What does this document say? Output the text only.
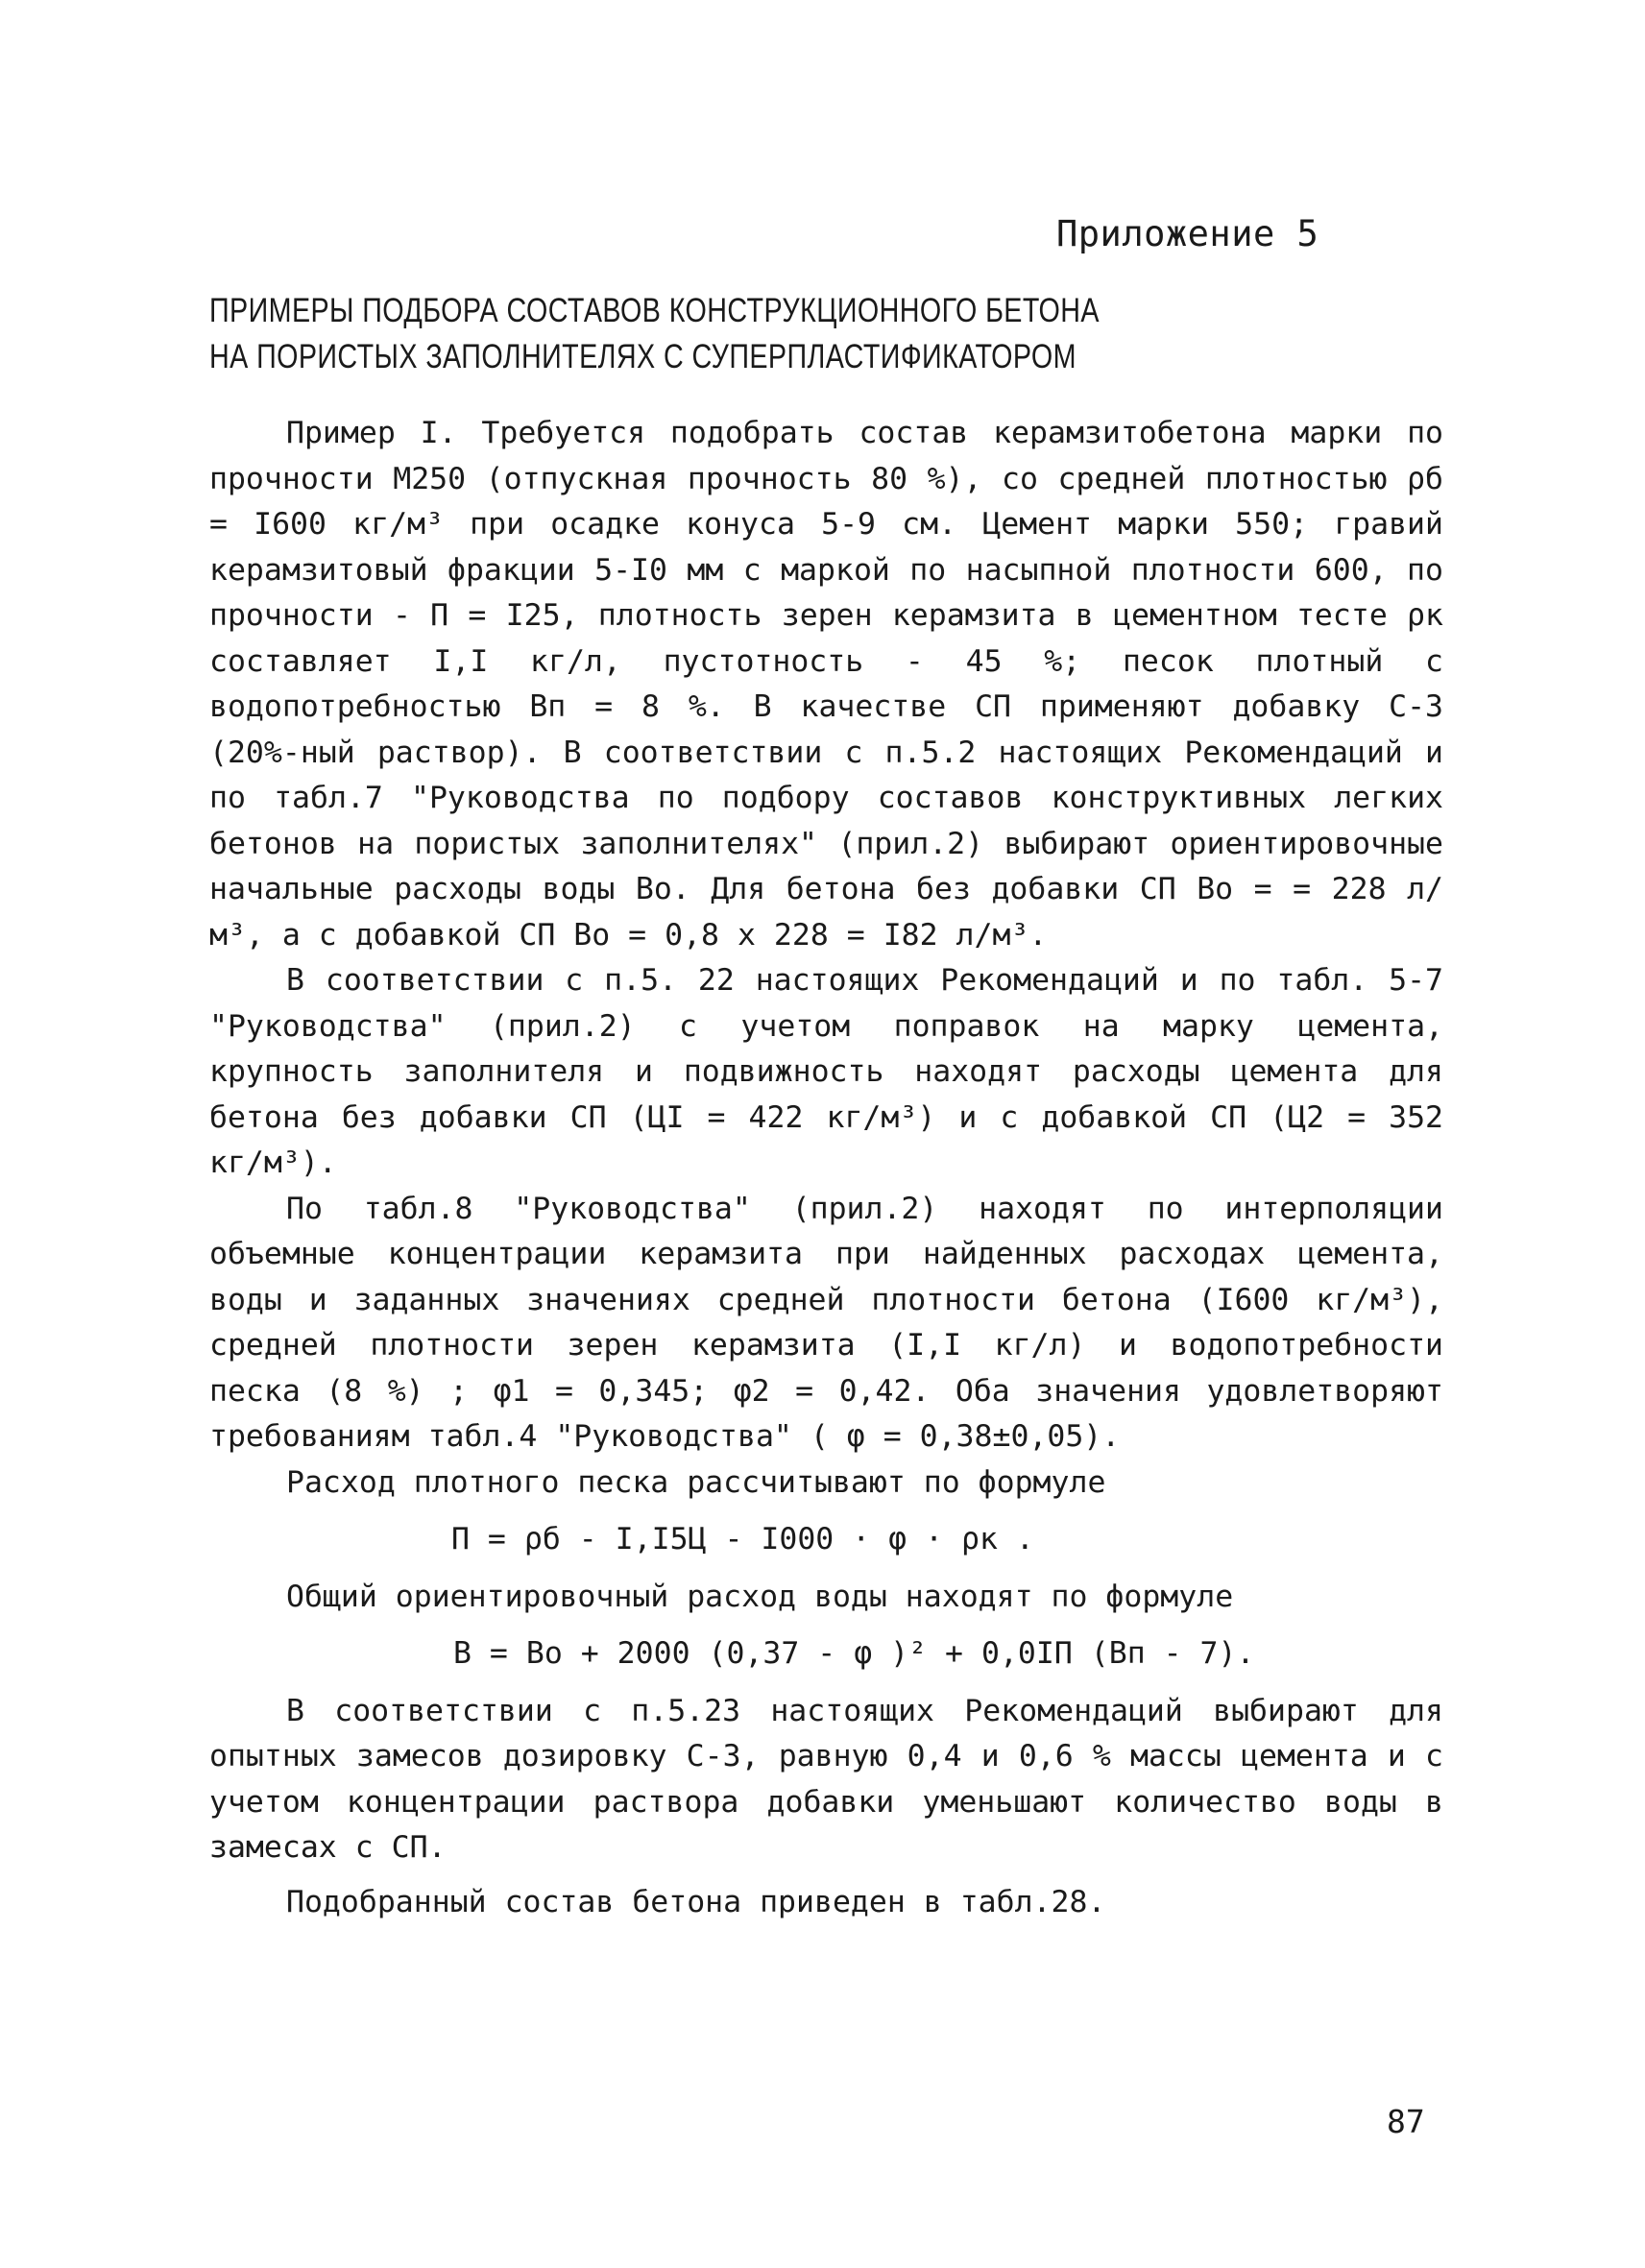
Приложение 5
ПРИМЕРЫ ПОДБОРА СОСТАВОВ КОНСТРУКЦИОННОГО БЕТОНА
НА ПОРИСТЫХ ЗАПОЛНИТЕЛЯХ С СУПЕРПЛАСТИФИКАТОРОМ

Пример I. Требуется подобрать состав керамзитобетона марки по прочности М250 (отпускная прочность 80 %), со средней плотностью ρб = I600 кг/м³ при осадке конуса 5-9 см. Цемент марки 550; гравий керамзитовый фракции 5-I0 мм с маркой по насыпной плотности 600, по прочности - П = I25, плотность зерен керамзита в цементном тесте ρк составляет I,I кг/л, пустотность - 45 %; песок плотный с водопотребностью Вп = 8 %. В качестве СП применяют добавку С-3 (20%-ный раствор). В соответствии с п.5.2 настоящих Рекомендаций и по табл.7 "Руководства по подбору составов конструктивных легких бетонов на пористых заполнителях" (прил.2) выбирают ориентировочные начальные расходы воды Во. Для бетона без добавки СП Во = = 228 л/м³, а с добавкой СП Во = 0,8 х 228 = I82 л/м³.

В соответствии с п.5. 22 настоящих Рекомендаций и по табл. 5-7 "Руководства" (прил.2) с учетом поправок на марку цемента, крупность заполнителя и подвижность находят расходы цемента для бетона без добавки СП (ЦI = 422 кг/м³) и с добавкой СП (Ц2 = 352 кг/м³).

По табл.8 "Руководства" (прил.2) находят по интерполяции объемные концентрации керамзита при найденных расходах цемента, воды и заданных значениях средней плотности бетона (I600 кг/м³), средней плотности зерен керамзита (I,I кг/л) и водопотребности песка (8 %) ; φ1 = 0,345; φ2 = 0,42. Оба значения удовлетворяют требованиям табл.4 "Руководства" ( φ = 0,38±0,05).

Расход плотного песка рассчитывают по формуле

П = ρб - I,I5Ц - I000 · φ · ρк .

Общий ориентировочный расход воды находят по формуле

В = Во + 2000 (0,37 - φ )² + 0,0IП (Вп - 7).

В соответствии с п.5.23 настоящих Рекомендаций выбирают для опытных замесов дозировку С-3, равную 0,4 и 0,6 % массы цемента и с учетом концентрации раствора добавки уменьшают количество воды в замесах с СП.

Подобранный состав бетона приведен в табл.28.

87
